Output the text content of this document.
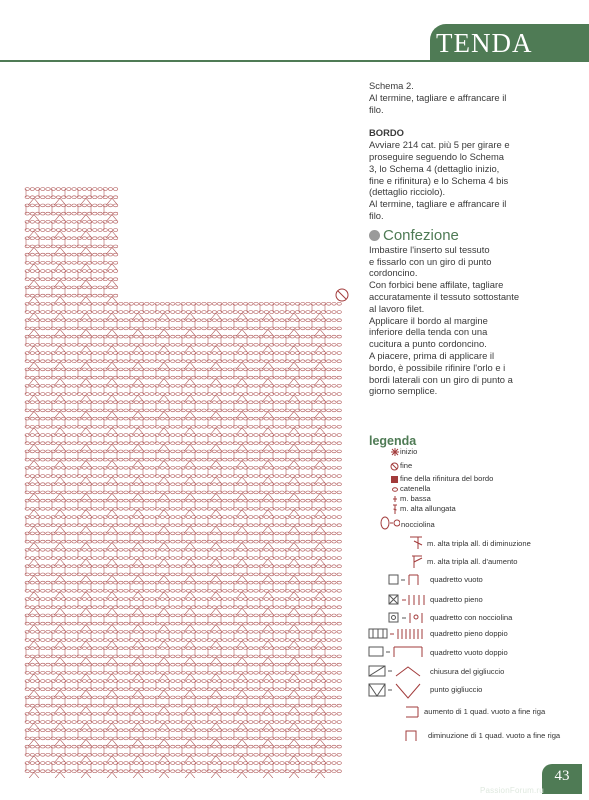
TENDA

Schema 2.

Al termine, tagliare e affrancare il

filo.

BORDO

Avviare 214 cat. più 5 per girare e

proseguire seguendo lo Schema

3, lo Schema 4 (dettaglio inizio,

fine e rifinitura) e lo Schema 4 bis

(dettaglio ricciolo).

Al termine, tagliare e affrancare il

filo.

Confezione

Imbastire l'inserto sul tessuto

e fissarlo con un giro di punto

cordoncino.

Con forbici bene affilate, tagliare

accuratamente il tessuto sottostante

al lavoro filet.

Applicare il bordo al margine

inferiore della tenda con una

cucitura a punto cordoncino.

A piacere, prima di applicare il

bordo, è possibile rifinire l'orlo e i

bordi laterali con un giro di punto a

giorno semplice.

legenda
inizio
fine
fine della rifinitura del bordo
catenella
m. bassa
m. alta allungata
nocciolina
m. alta tripla all. di diminuzione
m. alta tripla all. d'aumento
quadretto vuoto
quadretto pieno
quadretto con nocciolina
quadretto pieno doppio
quadretto vuoto doppio
chiusura del gigliuccio
punto gigliuccio
aumento di 1 quad. vuoto a fine riga
diminuzione di 1 quad. vuoto a fine riga
43
PassionForum.ru
